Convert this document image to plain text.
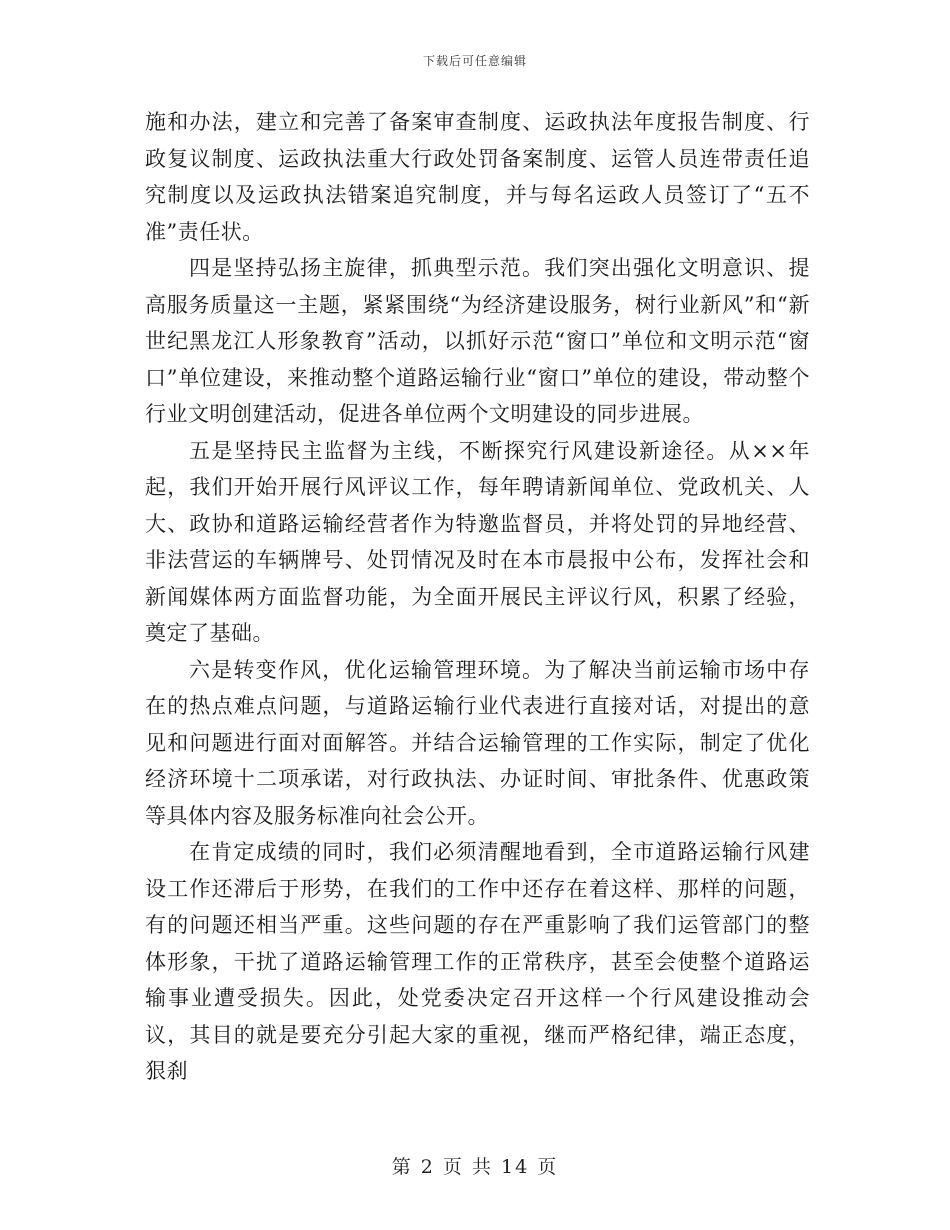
下载后可任意编辑

施和办法，建立和完善了备案审查制度、运政执法年度报告制度、行政复议制度、运政执法重大行政处罚备案制度、运管人员连带责任追究制度以及运政执法错案追究制度，并与每名运政人员签订了“五不准”责任状。

四是坚持弘扬主旋律，抓典型示范。我们突出强化文明意识、提高服务质量这一主题，紧紧围绕“为经济建设服务，树行业新风”和“新世纪黑龙江人形象教育”活动，以抓好示范“窗口”单位和文明示范“窗口”单位建设，来推动整个道路运输行业“窗口”单位的建设，带动整个行业文明创建活动，促进各单位两个文明建设的同步进展。

五是坚持民主监督为主线，不断探究行风建设新途径。从××年起，我们开始开展行风评议工作，每年聘请新闻单位、党政机关、人大、政协和道路运输经营者作为特邀监督员，并将处罚的异地经营、非法营运的车辆牌号、处罚情况及时在本市晨报中公布，发挥社会和新闻媒体两方面监督功能，为全面开展民主评议行风，积累了经验，奠定了基础。

六是转变作风，优化运输管理环境。为了解决当前运输市场中存在的热点难点问题，与道路运输行业代表进行直接对话，对提出的意见和问题进行面对面解答。并结合运输管理的工作实际，制定了优化经济环境十二项承诺，对行政执法、办证时间、审批条件、优惠政策等具体内容及服务标准向社会公开。

在肯定成绩的同时，我们必须清醒地看到，全市道路运输行风建设工作还滞后于形势，在我们的工作中还存在着这样、那样的问题，有的问题还相当严重。这些问题的存在严重影响了我们运管部门的整体形象，干扰了道路运输管理工作的正常秩序，甚至会使整个道路运输事业遭受损失。因此，处党委决定召开这样一个行风建设推动会议，其目的就是要充分引起大家的重视，继而严格纪律，端正态度，狠刹

第 2 页 共 14 页
